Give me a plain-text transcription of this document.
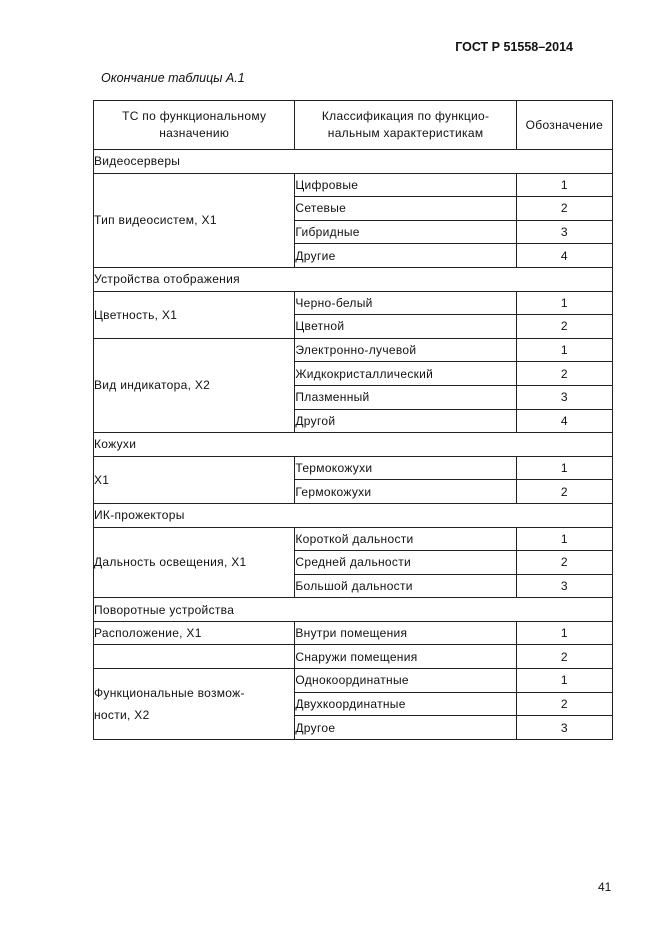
ГОСТ Р 51558–2014
Окончание таблицы А.1
ТС по функциональному назначению	Классификация по функцио-нальным характеристикам	Обозначение
Видеосерверы		
Тип видеосистем, Х1	Цифровые	1
	Сетевые	2
	Гибридные	3
	Другие	4
Устройства отображения		
Цветность, Х1	Черно-белый	1
	Цветной	2
Вид индикатора, Х2	Электронно-лучевой	1
	Жидкокристаллический	2
	Плазменный	3
	Другой	4
Кожухи		
Х1	Термокожухи	1
	Гермокожухи	2
ИК-прожекторы		
Дальность освещения, Х1	Короткой дальности	1
	Средней дальности	2
	Большой дальности	3
Поворотные устройства		
Расположение, Х1	Внутри помещения	1
	Снаружи помещения	2
Функциональные возмож-ности, Х2	Однокоординатные	1
	Двухкоординатные	2
	Другое	3
41
